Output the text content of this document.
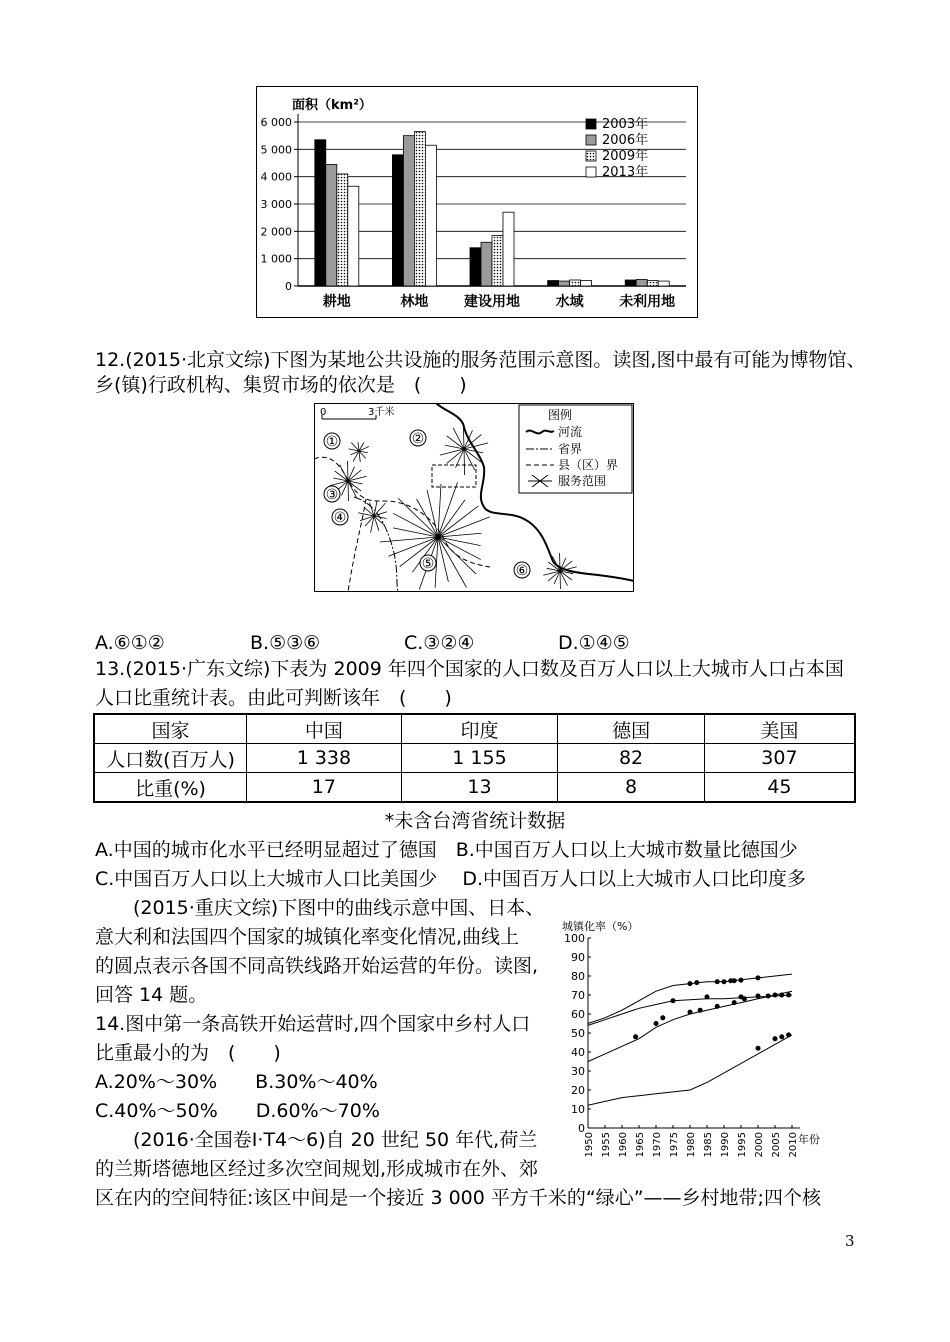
面积（km²）
0
1 000
2 000
3 000
4 000
5 000
6 000
耕地	林地	建设用地	水域	未利用地
2003年
2006年
2009年
2013年
12.(2015·北京文综)下图为某地公共设施的服务范围示意图。读图,图中最有可能为博物馆、
乡(镇)行政机构、集贸市场的依次是　(　　)
0	3千米
①	②
③
④
⑤	⑥
图例
河流
省界
县（区）界
服务范围
A.⑥①②	B.⑤③⑥	C.③②④	D.①④⑤
13.(2015·广东文综)下表为 2009 年四个国家的人口数及百万人口以上大城市人口占本国
人口比重统计表。由此可判断该年　(　　)
国家	中国	印度	德国	美国
人口数(百万人)	1 338	1 155	82	307
比重(%)	17	13	8	45
*未含台湾省统计数据
A.中国的城市化水平已经明显超过了德国　B.中国百万人口以上大城市数量比德国少
C.中国百万人口以上大城市人口比美国少　 D.中国百万人口以上大城市人口比印度多
(2015·重庆文综)下图中的曲线示意中国、日本、
意大利和法国四个国家的城镇化率变化情况,曲线上
的圆点表示各国不同高铁线路开始运营的年份。读图,
回答 14 题。
14.图中第一条高铁开始运营时,四个国家中乡村人口
比重最小的为　(　　)
A.20%～30%　　B.30%～40%
C.40%～50%　　D.60%～70%
城镇化率（%）
0
10
20
30
40
50
60
70
80
90
100
1950 1955 1960 1965 1970 1975 1980 1985 1990 1995 2000 2005 2010 年份
(2016·全国卷Ⅰ·T4～6)自 20 世纪 50 年代,荷兰
的兰斯塔德地区经过多次空间规划,形成城市在外、郊
区在内的空间特征:该区中间是一个接近 3 000 平方千米的“绿心”——乡村地带;四个核
3
